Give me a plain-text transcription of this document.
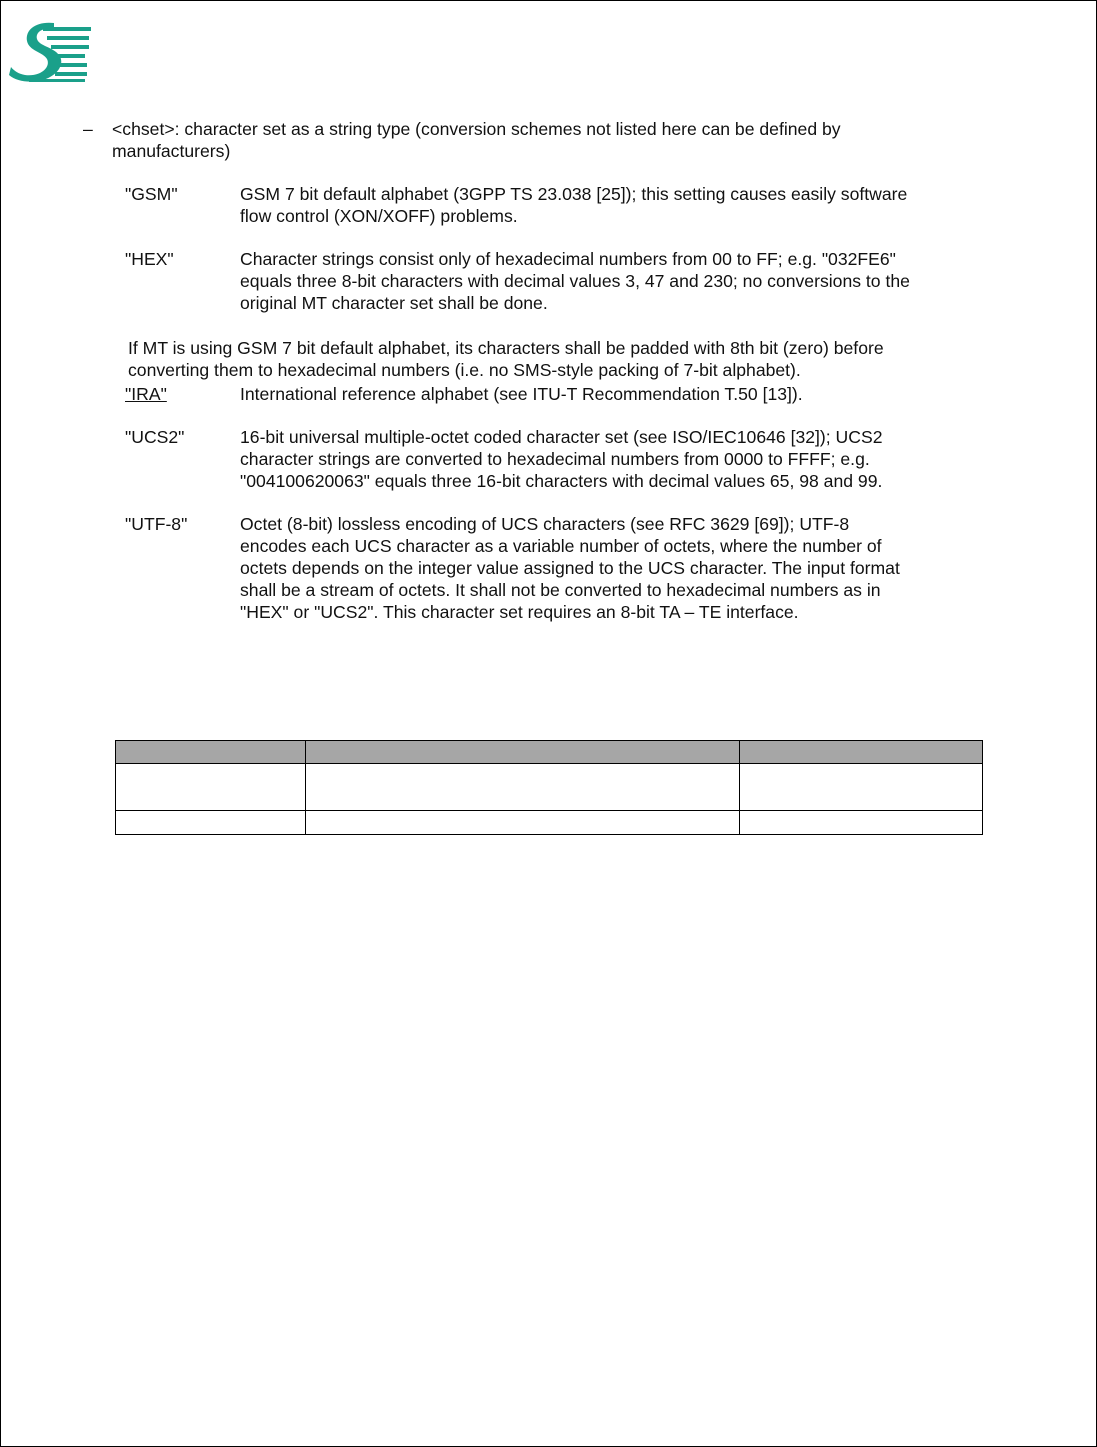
– <chset>: character set as a string type (conversion schemes not listed here can be defined by
manufacturers)
"GSM"	GSM 7 bit default alphabet (3GPP TS 23.038 [25]); this setting causes easily software
flow control (XON/XOFF) problems.
"HEX"	Character strings consist only of hexadecimal numbers from 00 to FF; e.g. "032FE6"
equals three 8-bit characters with decimal values 3, 47 and 230; no conversions to the
original MT character set shall be done.
If MT is using GSM 7 bit default alphabet, its characters shall be padded with 8th bit (zero) before
converting them to hexadecimal numbers (i.e. no SMS-style packing of 7-bit alphabet).
"IRA"	International reference alphabet (see ITU-T Recommendation T.50 [13]).
"UCS2"	16-bit universal multiple-octet coded character set (see ISO/IEC10646 [32]); UCS2
character strings are converted to hexadecimal numbers from 0000 to FFFF; e.g.
"004100620063" equals three 16-bit characters with decimal values 65, 98 and 99.
"UTF-8"	Octet (8-bit) lossless encoding of UCS characters (see RFC 3629 [69]); UTF-8
encodes each UCS character as a variable number of octets, where the number of
octets depends on the integer value assigned to the UCS character. The input format
shall be a stream of octets. It shall not be converted to hexadecimal numbers as in
"HEX" or "UCS2". This character set requires an 8-bit TA – TE interface.
